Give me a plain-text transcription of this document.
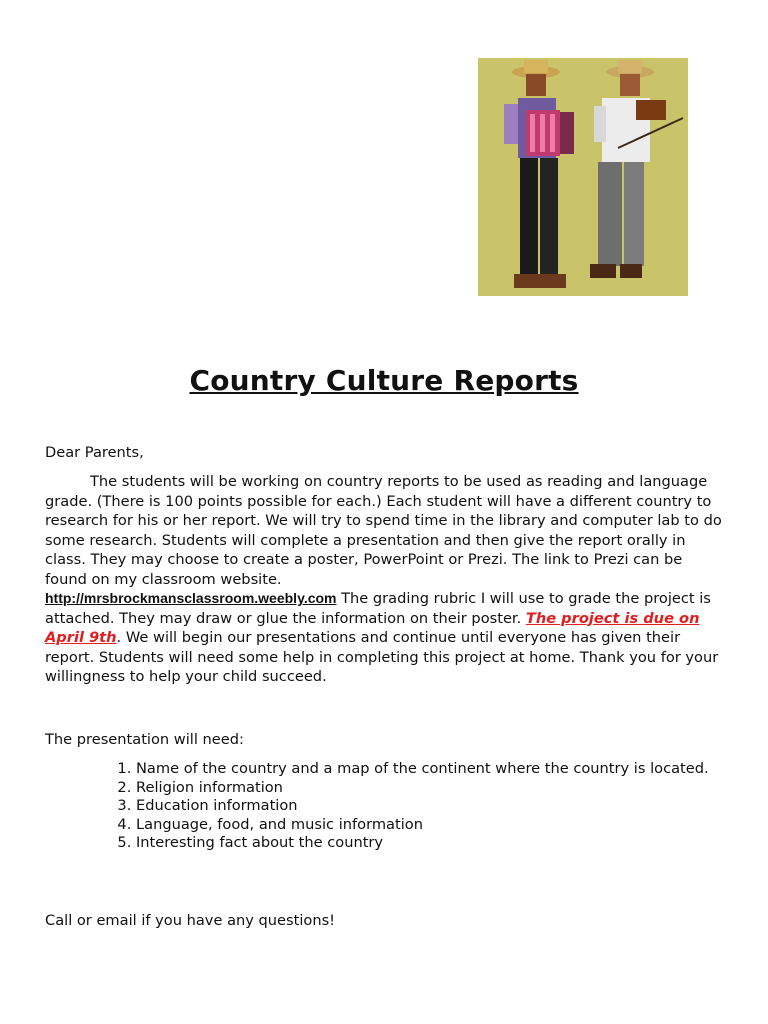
Country Culture Reports

Dear Parents,

The students will be working on country reports to be used as reading and language grade. (There is 100 points possible for each.) Each student will have a different country to research for his or her report. We will try to spend time in the library and computer lab to do some research. Students will complete a presentation and then give the report orally in class. They may choose to create a poster, PowerPoint or Prezi. The link to Prezi can be found on my classroom website.
http://mrsbrockmansclassroom.weebly.com The grading rubric I will use to grade the project is attached. They may draw or glue the information on their poster. The project is due on April 9th. We will begin our presentations and continue until everyone has given their report. Students will need some help in completing this project at home. Thank you for your willingness to help your child succeed.

The presentation will need:

1. Name of the country and a map of the continent where the country is located.
2. Religion information
3. Education information
4. Language, food, and music information
5. Interesting fact about the country

Call or email if you have any questions!
